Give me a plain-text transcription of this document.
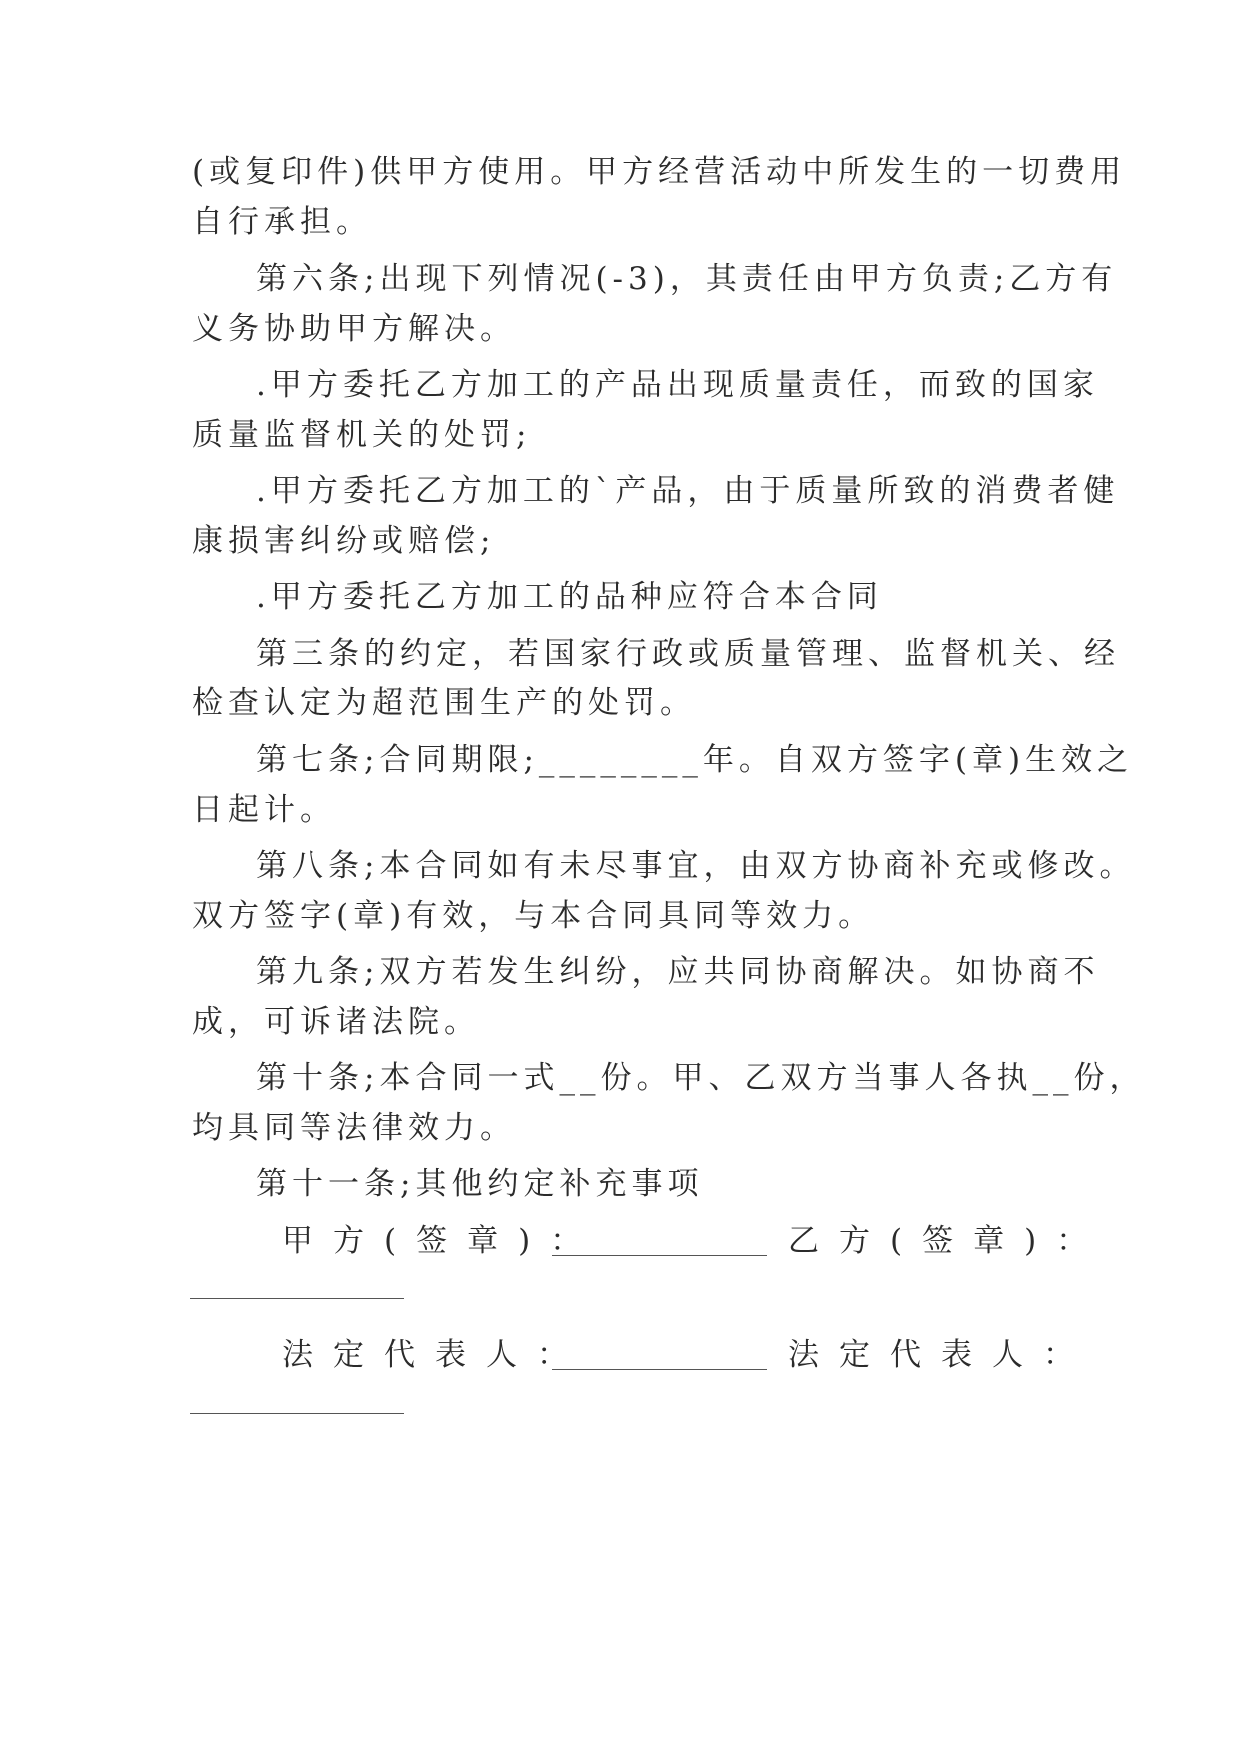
(或复印件)供甲方使用。甲方经营活动中所发生的一切费用
自行承担。
第六条;出现下列情况(-3)，其责任由甲方负责;乙方有
义务协助甲方解决。
.甲方委托乙方加工的产品出现质量责任，而致的国家
质量监督机关的处罚;
.甲方委托乙方加工的`产品，由于质量所致的消费者健
康损害纠纷或赔偿;
.甲方委托乙方加工的品种应符合本合同
第三条的约定，若国家行政或质量管理、监督机关、经
检查认定为超范围生产的处罚。
第七条;合同期限;________年。自双方签字(章)生效之
日起计。
第八条;本合同如有未尽事宜，由双方协商补充或修改。
双方签字(章)有效，与本合同具同等效力。
第九条;双方若发生纠纷，应共同协商解决。如协商不
成，可诉诸法院。
第十条;本合同一式__份。甲、乙双方当事人各执__份，
均具同等法律效力。
第十一条;其他约定补充事项
甲方(签章)：	乙方(签章)：
法定代表人：	法定代表人：
